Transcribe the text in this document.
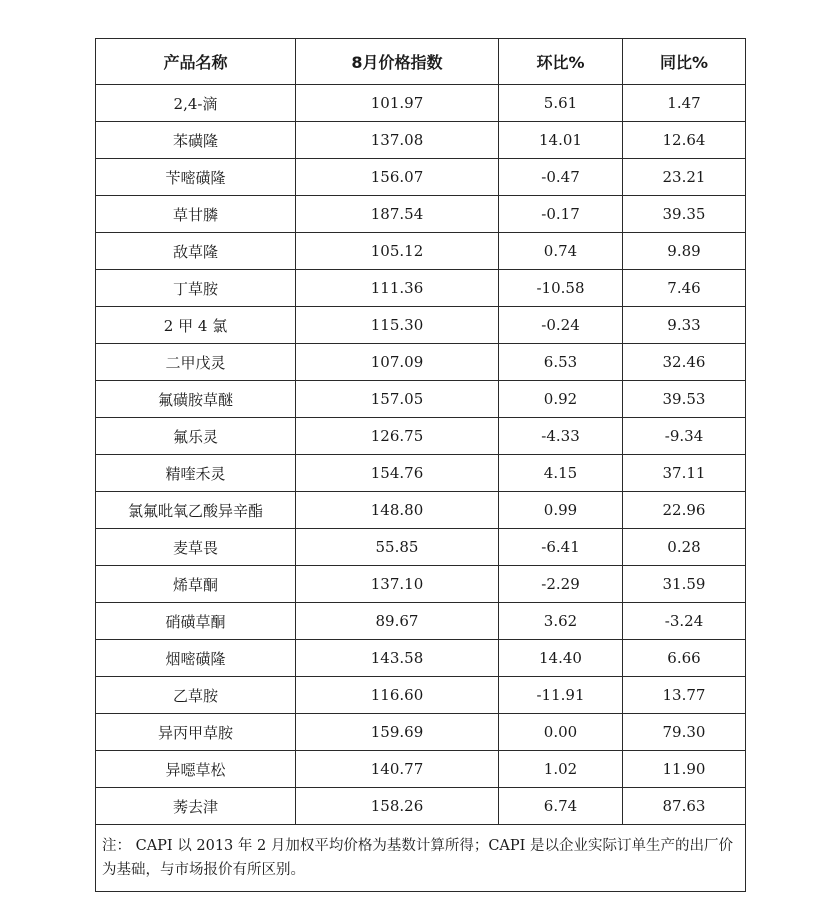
产品名称	8月价格指数	环比%	同比%
2,4-滴	101.97	5.61	1.47
苯磺隆	137.08	14.01	12.64
苄嘧磺隆	156.07	-0.47	23.21
草甘膦	187.54	-0.17	39.35
敌草隆	105.12	0.74	9.89
丁草胺	111.36	-10.58	7.46
2 甲 4 氯	115.30	-0.24	9.33
二甲戊灵	107.09	6.53	32.46
氟磺胺草醚	157.05	0.92	39.53
氟乐灵	126.75	-4.33	-9.34
精喹禾灵	154.76	4.15	37.11
氯氟吡氧乙酸异辛酯	148.80	0.99	22.96
麦草畏	55.85	-6.41	0.28
烯草酮	137.10	-2.29	31.59
硝磺草酮	89.67	3.62	-3.24
烟嘧磺隆	143.58	14.40	6.66
乙草胺	116.60	-11.91	13.77
异丙甲草胺	159.69	0.00	79.30
异噁草松	140.77	1.02	11.90
莠去津	158.26	6.74	87.63
注： CAPI 以 2013 年 2 月加权平均价格为基数计算所得；CAPI 是以企业实际订单生产的出厂价为基础，与市场报价有所区别。			
